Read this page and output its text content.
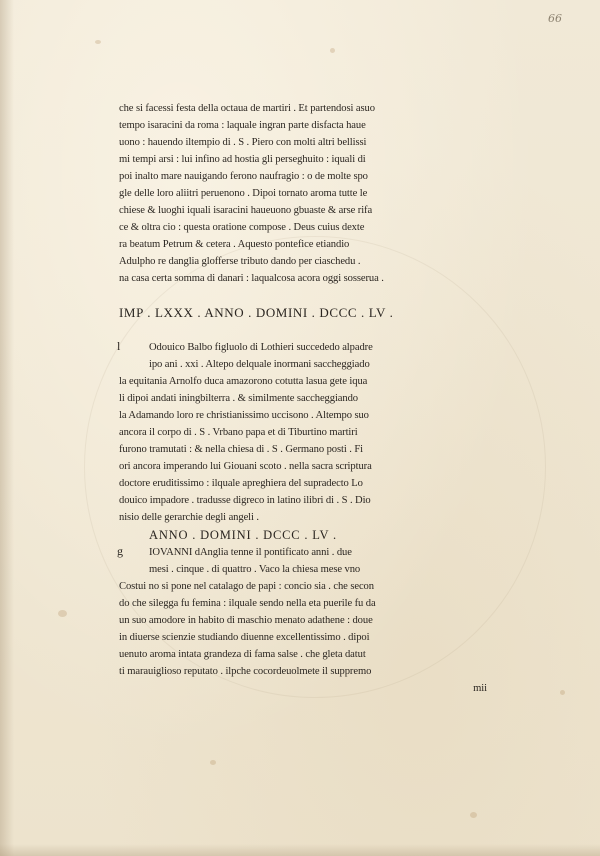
66
che si facessi festa della octaua de martiri . Et partendosi asuo
tempo isaracini da roma : laquale ingran parte disfacta hauе
uono : hauendo iltempio di . S . Piero con molti altri bellissi
mi tempi arsi : lui infino ad hostia gli perseghuito : iquali di
poi inalto mare nauigando ferono naufragio : o de molte spo
gle delle loro aliitri peruenono . Dipoi tornato aroma tutte le
chiese & luoghi iquali isaracini haueuono gbuaste & arse rifa
ce & oltra cio : questa oratione compose . Deus cuius dexte
ra beatum Petrum & cetera . Aquesto pontefice etiandio
Adulpho re danglia glofferse tributo dando per ciaschedu .
na casa certa somma di danari : laqualcosa acora oggi sosserua .
IMP . LXXX . ANNO . DOMINI . DCCC . LV .
l	Odouico Balbo figluolo di Lothieri succededo alpadre
ipo ani . xxi . Altepo delquale inormani saccheggiado
la equitania Arnolfo duca amazorono cotutta lasua gete iqua
li dipoi andati iningbilterra . & similmente saccheggiando
la Adamando loro re christianissimo uccisono . Altempo suo
ancora il corpo di . S . Vrbano papa et di Tiburtino martiri
furono tramutati : & nella chiesa di . S . Germano posti . Fi
ori ancora imperando lui Giouani scoto . nella sacra scriptura
doctore eruditissimo : ilquale apreghiera del supradecto Lo
douico impadore . tradusse digreco in latino ilibri di . S . Dio
nisio delle gerarchie degli angeli .
ANNO . DOMINI . DCCC . LV .
g	IOVANNI dAnglia tenne il pontificato anni . due
mesi . cinque . di quattro . Vaco la chiesa mese vno
Costui no si pone nel catalago de papi : concio sia . che secon
do che silegga fu femina : ilquale sendo nella eta puerile fu da
un suo amodore in habito di maschio menato adathene : doue
in diuerse scienzie studiando diuenne excellentissimo . dipoi
uenuto aroma intata grandeza di fama salse . che gleta datut
ti marauiglioso reputato . ilpche cocordeuolmete il suppremo
mii
